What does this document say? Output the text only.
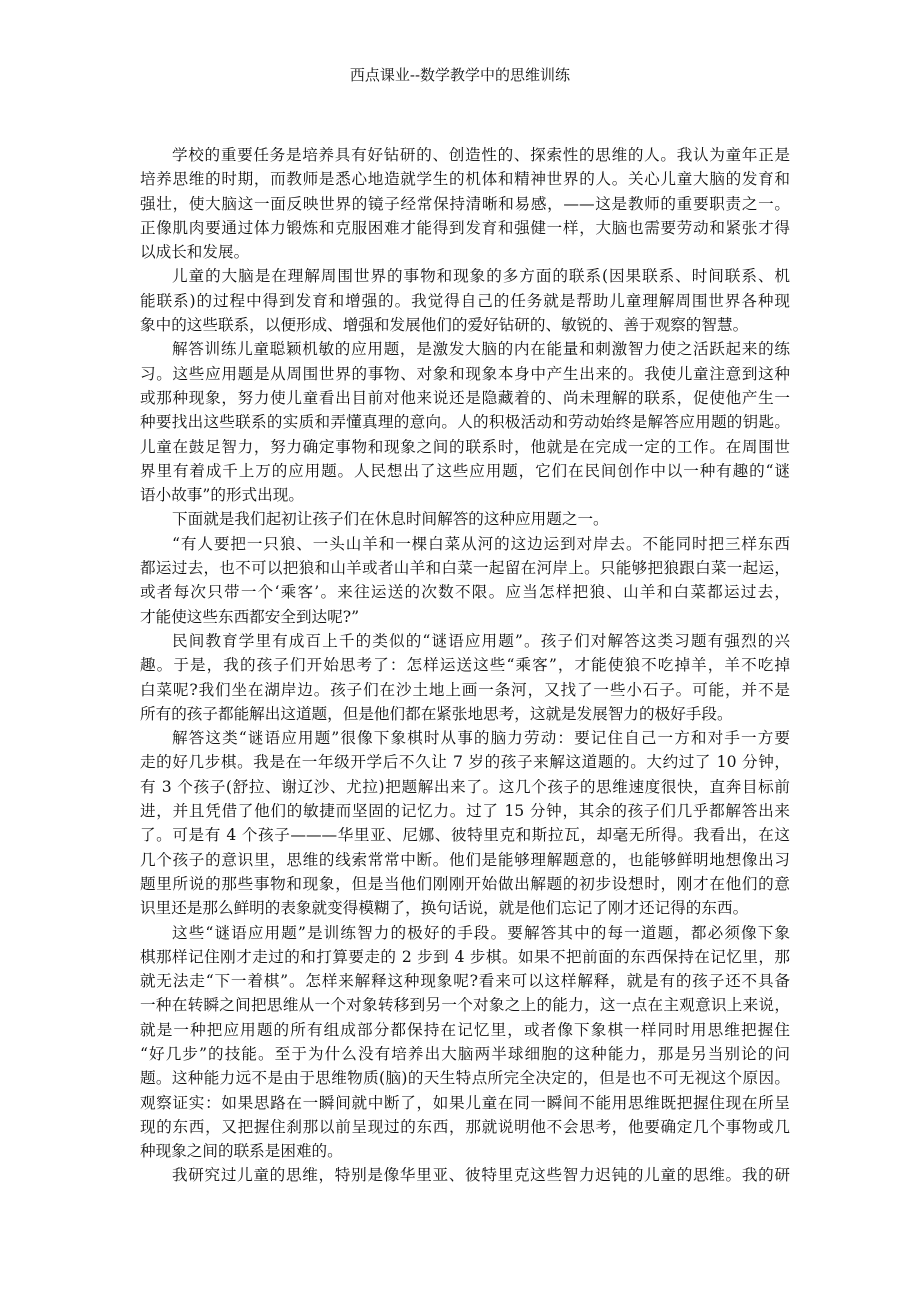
西点课业--数学教学中的思维训练
学校的重要任务是培养具有好钻研的、创造性的、探索性的思维的人。我认为童年正是
培养思维的时期，而教师是悉心地造就学生的机体和精神世界的人。关心儿童大脑的发育和
强壮，使大脑这一面反映世界的镜子经常保持清晰和易感，——这是教师的重要职责之一。
正像肌肉要通过体力锻炼和克服困难才能得到发育和强健一样，大脑也需要劳动和紧张才得
以成长和发展。
儿童的大脑是在理解周围世界的事物和现象的多方面的联系(因果联系、时间联系、机
能联系)的过程中得到发育和增强的。我觉得自己的任务就是帮助儿童理解周围世界各种现
象中的这些联系，以便形成、增强和发展他们的爱好钻研的、敏锐的、善于观察的智慧。
解答训练儿童聪颖机敏的应用题，是激发大脑的内在能量和刺激智力使之活跃起来的练
习。这些应用题是从周围世界的事物、对象和现象本身中产生出来的。我使儿童注意到这种
或那种现象，努力使儿童看出目前对他来说还是隐藏着的、尚未理解的联系，促使他产生一
种要找出这些联系的实质和弄懂真理的意向。人的积极活动和劳动始终是解答应用题的钥匙。
儿童在鼓足智力，努力确定事物和现象之间的联系时，他就是在完成一定的工作。在周围世
界里有着成千上万的应用题。人民想出了这些应用题，它们在民间创作中以一种有趣的“谜
语小故事”的形式出现。
下面就是我们起初让孩子们在休息时间解答的这种应用题之一。
“有人要把一只狼、一头山羊和一棵白菜从河的这边运到对岸去。不能同时把三样东西
都运过去，也不可以把狼和山羊或者山羊和白菜一起留在河岸上。只能够把狼跟白菜一起运，
或者每次只带一个‘乘客’。来往运送的次数不限。应当怎样把狼、山羊和白菜都运过去，
才能使这些东西都安全到达呢?”
民间教育学里有成百上千的类似的“谜语应用题”。孩子们对解答这类习题有强烈的兴
趣。于是，我的孩子们开始思考了：怎样运送这些“乘客”，才能使狼不吃掉羊，羊不吃掉
白菜呢?我们坐在湖岸边。孩子们在沙土地上画一条河，又找了一些小石子。可能，并不是
所有的孩子都能解出这道题，但是他们都在紧张地思考，这就是发展智力的极好手段。
解答这类“谜语应用题”很像下象棋时从事的脑力劳动：要记住自己一方和对手一方要
走的好几步棋。我是在一年级开学后不久让 7 岁的孩子来解这道题的。大约过了 10 分钟，
有 3 个孩子(舒拉、谢辽沙、尤拉)把题解出来了。这几个孩子的思维速度很快，直奔目标前
进，并且凭借了他们的敏捷而坚固的记忆力。过了 15 分钟，其余的孩子们几乎都解答出来
了。可是有 4 个孩子———华里亚、尼娜、彼特里克和斯拉瓦，却毫无所得。我看出，在这
几个孩子的意识里，思维的线索常常中断。他们是能够理解题意的，也能够鲜明地想像出习
题里所说的那些事物和现象，但是当他们刚刚开始做出解题的初步设想时，刚才在他们的意
识里还是那么鲜明的表象就变得模糊了，换句话说，就是他们忘记了刚才还记得的东西。
这些“谜语应用题”是训练智力的极好的手段。要解答其中的每一道题，都必须像下象
棋那样记住刚才走过的和打算要走的 2 步到 4 步棋。如果不把前面的东西保持在记忆里，那
就无法走“下一着棋”。怎样来解释这种现象呢?看来可以这样解释，就是有的孩子还不具备
一种在转瞬之间把思维从一个对象转移到另一个对象之上的能力，这一点在主观意识上来说，
就是一种把应用题的所有组成部分都保持在记忆里，或者像下象棋一样同时用思维把握住
“好几步”的技能。至于为什么没有培养出大脑两半球细胞的这种能力，那是另当别论的问
题。这种能力远不是由于思维物质(脑)的天生特点所完全决定的，但是也不可无视这个原因。
观察证实：如果思路在一瞬间就中断了，如果儿童在同一瞬间不能用思维既把握住现在所呈
现的东西，又把握住刹那以前呈现过的东西，那就说明他不会思考，他要确定几个事物或几
种现象之间的联系是困难的。
我研究过儿童的思维，特别是像华里亚、彼特里克这些智力迟钝的儿童的思维。我的研
